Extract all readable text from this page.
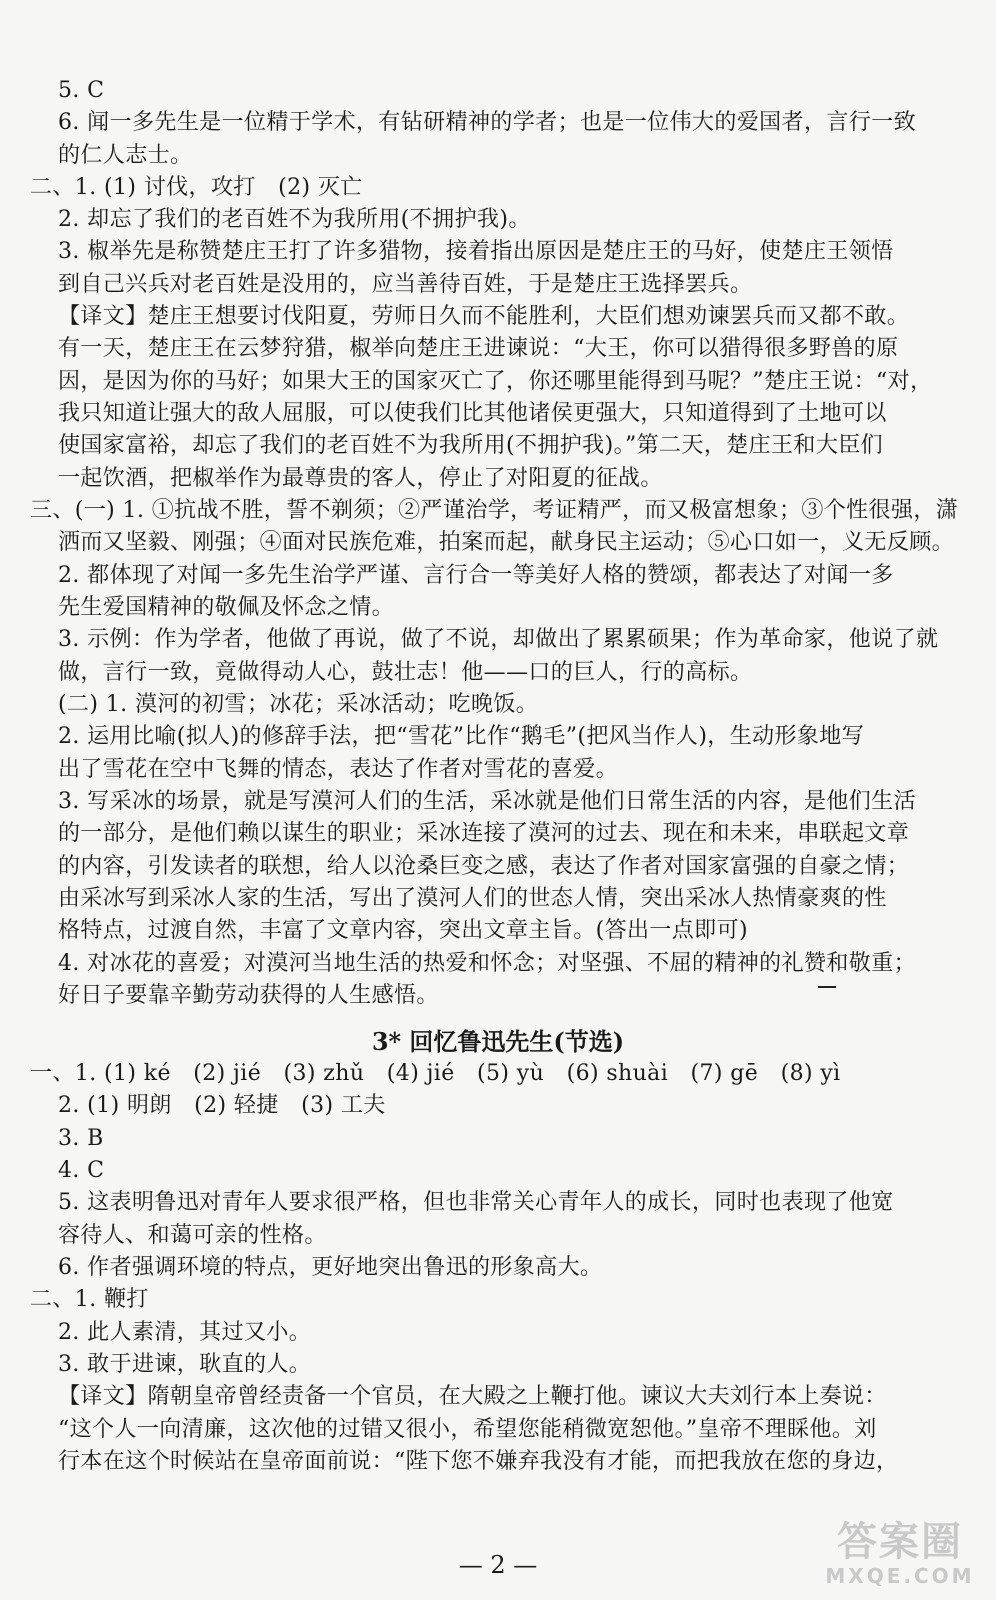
5. C
6. 闻一多先生是一位精于学术，有钻研精神的学者；也是一位伟大的爱国者，言行一致
的仁人志士。
二、1. (1) 讨伐，攻打　(2) 灭亡
2. 却忘了我们的老百姓不为我所用(不拥护我)。
3. 椒举先是称赞楚庄王打了许多猎物，接着指出原因是楚庄王的马好，使楚庄王领悟
到自己兴兵对老百姓是没用的，应当善待百姓，于是楚庄王选择罢兵。
【译文】楚庄王想要讨伐阳夏，劳师日久而不能胜利，大臣们想劝谏罢兵而又都不敢。
有一天，楚庄王在云梦狩猎，椒举向楚庄王进谏说：“大王，你可以猎得很多野兽的原
因，是因为你的马好；如果大王的国家灭亡了，你还哪里能得到马呢？”楚庄王说：“对，
我只知道让强大的敌人屈服，可以使我们比其他诸侯更强大，只知道得到了土地可以
使国家富裕，却忘了我们的老百姓不为我所用(不拥护我)。”第二天，楚庄王和大臣们
一起饮酒，把椒举作为最尊贵的客人，停止了对阳夏的征战。
三、(一) 1. ①抗战不胜，誓不剃须；②严谨治学，考证精严，而又极富想象；③个性很强，潇
洒而又坚毅、刚强；④面对民族危难，拍案而起，献身民主运动；⑤心口如一，义无反顾。
2. 都体现了对闻一多先生治学严谨、言行合一等美好人格的赞颂，都表达了对闻一多
先生爱国精神的敬佩及怀念之情。
3. 示例：作为学者，他做了再说，做了不说，却做出了累累硕果；作为革命家，他说了就
做，言行一致，竟做得动人心，鼓壮志！他——口的巨人，行的高标。
(二) 1. 漠河的初雪；冰花；采冰活动；吃晚饭。
2. 运用比喻(拟人)的修辞手法，把“雪花”比作“鹅毛”(把风当作人)，生动形象地写
出了雪花在空中飞舞的情态，表达了作者对雪花的喜爱。
3. 写采冰的场景，就是写漠河人们的生活，采冰就是他们日常生活的内容，是他们生活
的一部分，是他们赖以谋生的职业；采冰连接了漠河的过去、现在和未来，串联起文章
的内容，引发读者的联想，给人以沧桑巨变之感，表达了作者对国家富强的自豪之情；
由采冰写到采冰人家的生活，写出了漠河人们的世态人情，突出采冰人热情豪爽的性
格特点，过渡自然，丰富了文章内容，突出文章主旨。(答出一点即可)
4. 对冰花的喜爱；对漠河当地生活的热爱和怀念；对坚强、不屈的精神的礼赞和敬重；
好日子要靠辛勤劳动获得的人生感悟。
3* 回忆鲁迅先生(节选)
一、1. (1) ké　(2) jié　(3) zhǔ　(4) jié　(5) yù　(6) shuài　(7) gē　(8) yì
2. (1) 明朗　(2) 轻捷　(3) 工夫
3. B
4. C
5. 这表明鲁迅对青年人要求很严格，但也非常关心青年人的成长，同时也表现了他宽
容待人、和蔼可亲的性格。
6. 作者强调环境的特点，更好地突出鲁迅的形象高大。
二、1. 鞭打
2. 此人素清，其过又小。
3. 敢于进谏，耿直的人。
【译文】隋朝皇帝曾经责备一个官员，在大殿之上鞭打他。谏议大夫刘行本上奏说：
“这个人一向清廉，这次他的过错又很小，希望您能稍微宽恕他。”皇帝不理睬他。刘
行本在这个时候站在皇帝面前说：“陛下您不嫌弃我没有才能，而把我放在您的身边，
— 2 —	答案圈
MXQE.COM
